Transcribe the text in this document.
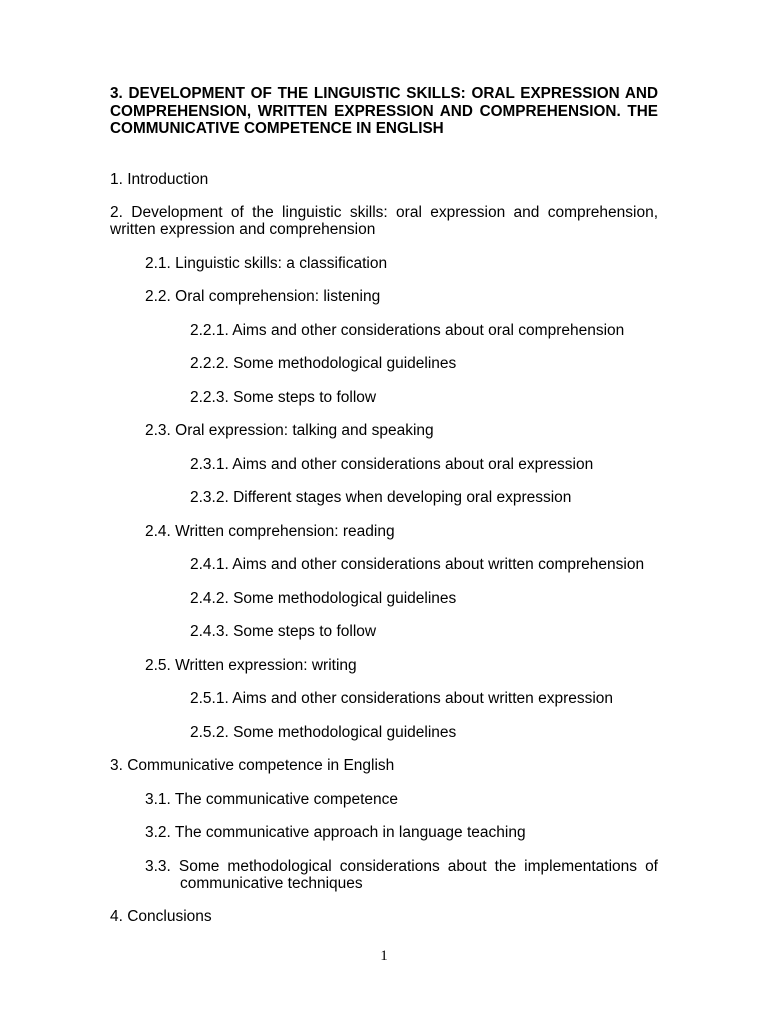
3. DEVELOPMENT OF THE LINGUISTIC SKILLS: ORAL EXPRESSION AND
COMPREHENSION, WRITTEN EXPRESSION AND COMPREHENSION. THE
COMMUNICATIVE COMPETENCE IN ENGLISH
1. Introduction
2. Development of the linguistic skills: oral expression and comprehension,
written expression and comprehension
2.1. Linguistic skills: a classification
2.2. Oral comprehension: listening
2.2.1. Aims and other considerations about oral comprehension
2.2.2. Some methodological guidelines
2.2.3. Some steps to follow
2.3. Oral expression: talking and speaking
2.3.1. Aims and other considerations about oral expression
2.3.2. Different stages when developing oral expression
2.4. Written comprehension: reading
2.4.1. Aims and other considerations about written comprehension
2.4.2. Some methodological guidelines
2.4.3. Some steps to follow
2.5. Written expression: writing
2.5.1. Aims and other considerations about written expression
2.5.2. Some methodological guidelines
3. Communicative competence in English
3.1. The communicative competence
3.2. The communicative approach in language teaching
3.3. Some methodological considerations about the implementations of
communicative techniques
4. Conclusions
1
